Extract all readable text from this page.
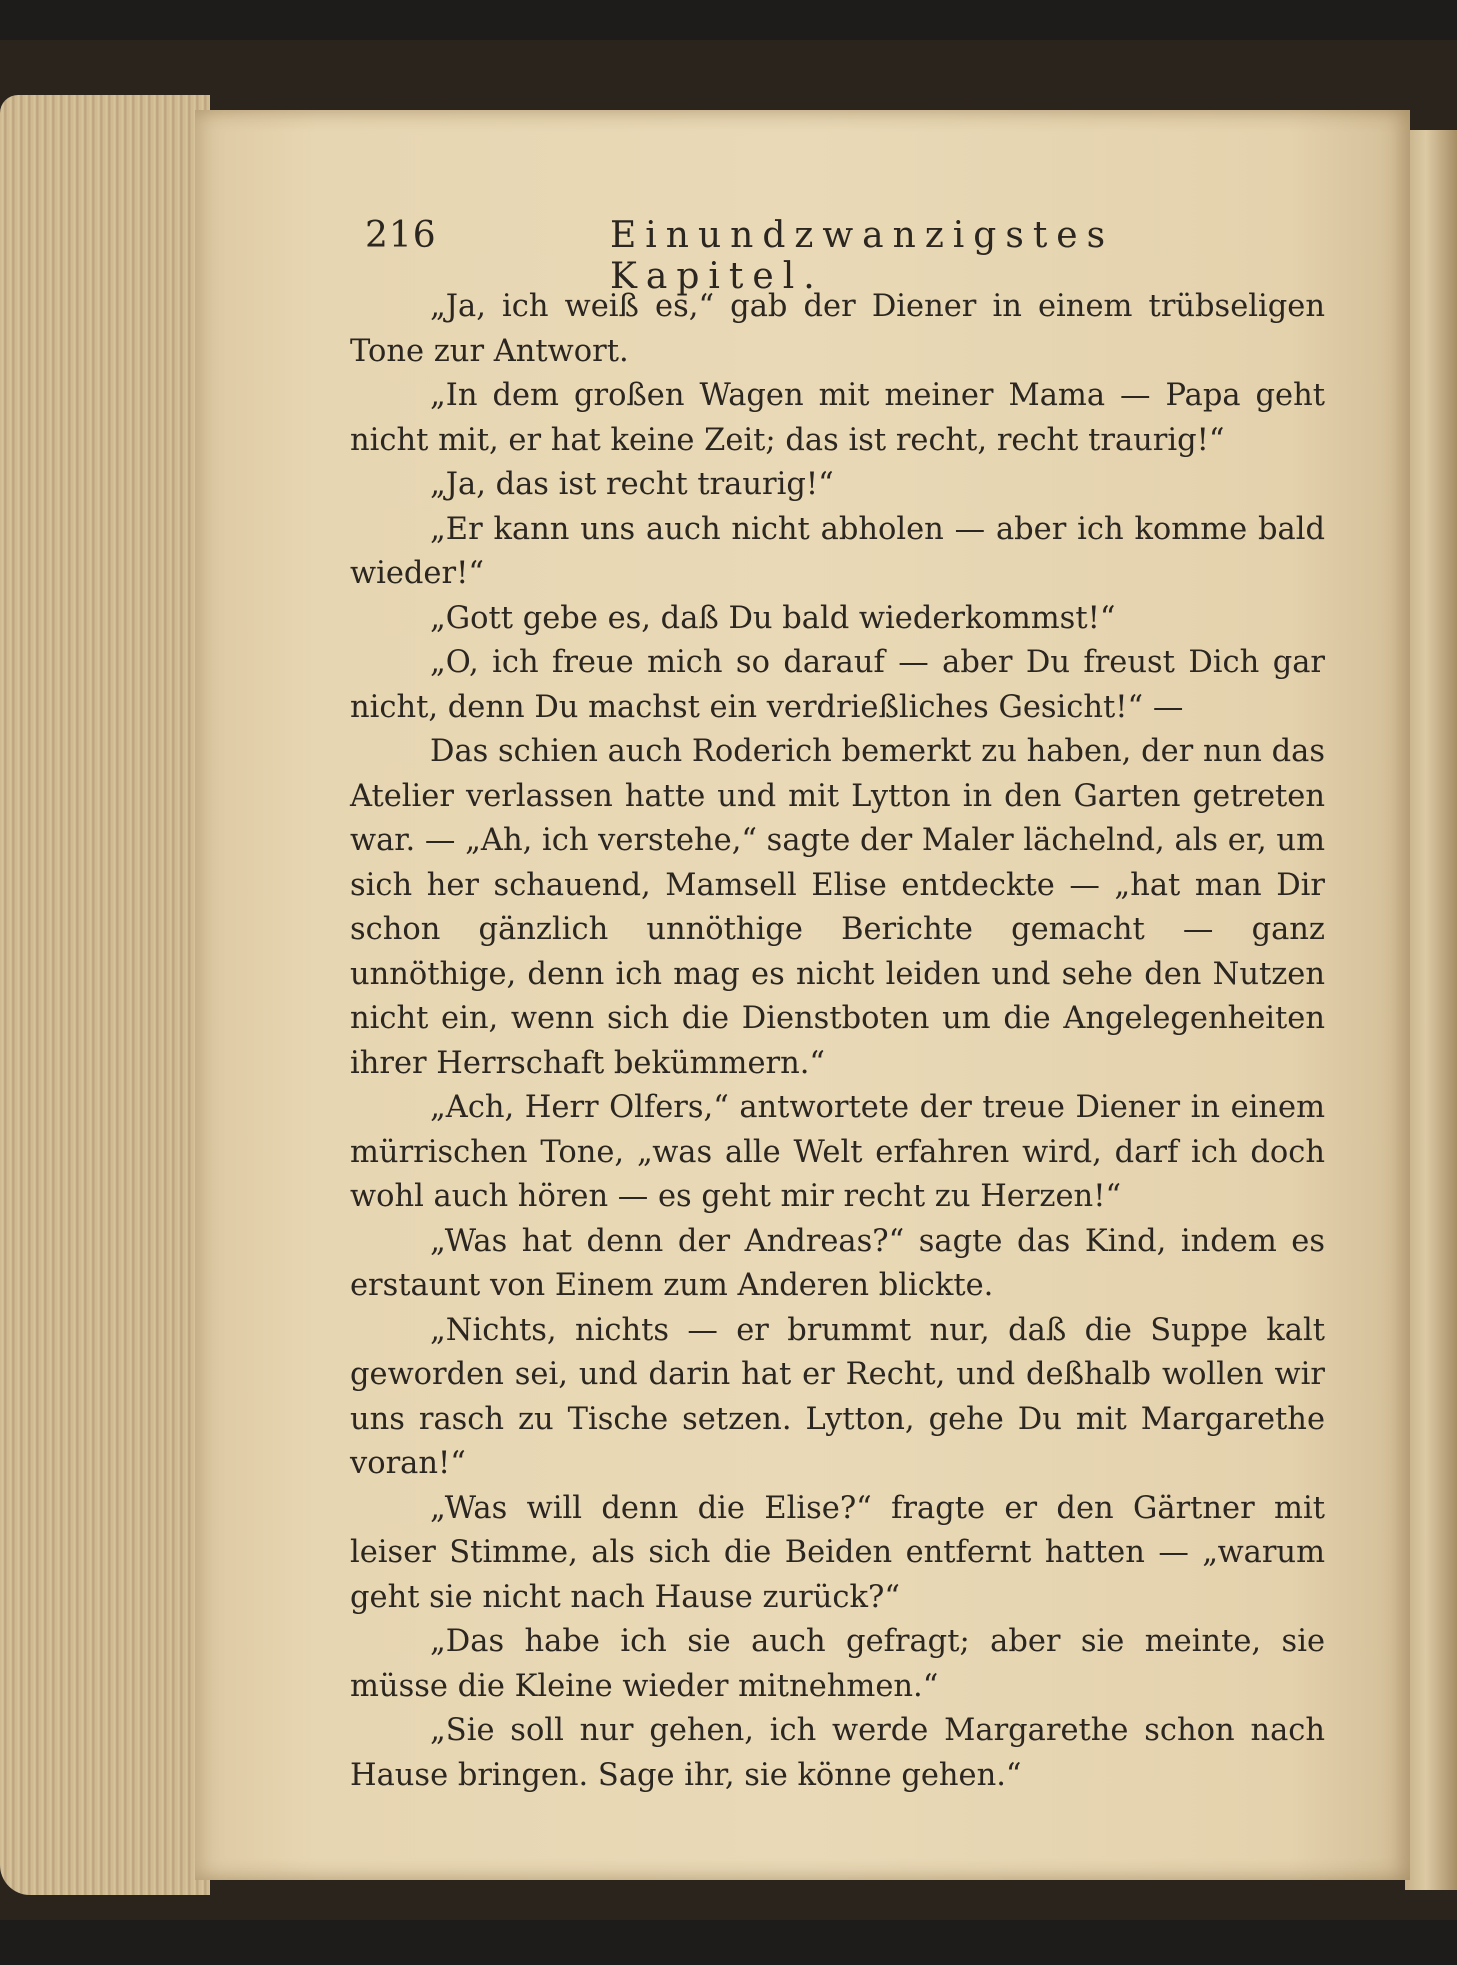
216	Einundzwanzigstes Kapitel.

„Ja, ich weiß es,“ gab der Diener in einem trübseligen Tone zur Antwort.

„In dem großen Wagen mit meiner Mama — Papa geht nicht mit, er hat keine Zeit; das ist recht, recht traurig!“

„Ja, das ist recht traurig!“

„Er kann uns auch nicht abholen — aber ich komme bald wieder!“

„Gott gebe es, daß Du bald wiederkommst!“

„O, ich freue mich so darauf — aber Du freust Dich gar nicht, denn Du machst ein verdrießliches Gesicht!“ —

Das schien auch Roderich bemerkt zu haben, der nun das Atelier verlassen hatte und mit Lytton in den Garten getreten war. — „Ah, ich verstehe,“ sagte der Maler lächelnd, als er, um sich her schauend, Mamsell Elise entdeckte — „hat man Dir schon gänzlich unnöthige Berichte gemacht — ganz unnöthige, denn ich mag es nicht leiden und sehe den Nutzen nicht ein, wenn sich die Dienstboten um die Angelegenheiten ihrer Herrschaft bekümmern.“

„Ach, Herr Olfers,“ antwortete der treue Diener in einem mürrischen Tone, „was alle Welt erfahren wird, darf ich doch wohl auch hören — es geht mir recht zu Herzen!“

„Was hat denn der Andreas?“ sagte das Kind, indem es erstaunt von Einem zum Anderen blickte.

„Nichts, nichts — er brummt nur, daß die Suppe kalt geworden sei, und darin hat er Recht, und deßhalb wollen wir uns rasch zu Tische setzen. Lytton, gehe Du mit Margarethe voran!“

„Was will denn die Elise?“ fragte er den Gärtner mit leiser Stimme, als sich die Beiden entfernt hatten — „warum geht sie nicht nach Hause zurück?“

„Das habe ich sie auch gefragt; aber sie meinte, sie müsse die Kleine wieder mitnehmen.“

„Sie soll nur gehen, ich werde Margarethe schon nach Hause bringen. Sage ihr, sie könne gehen.“
